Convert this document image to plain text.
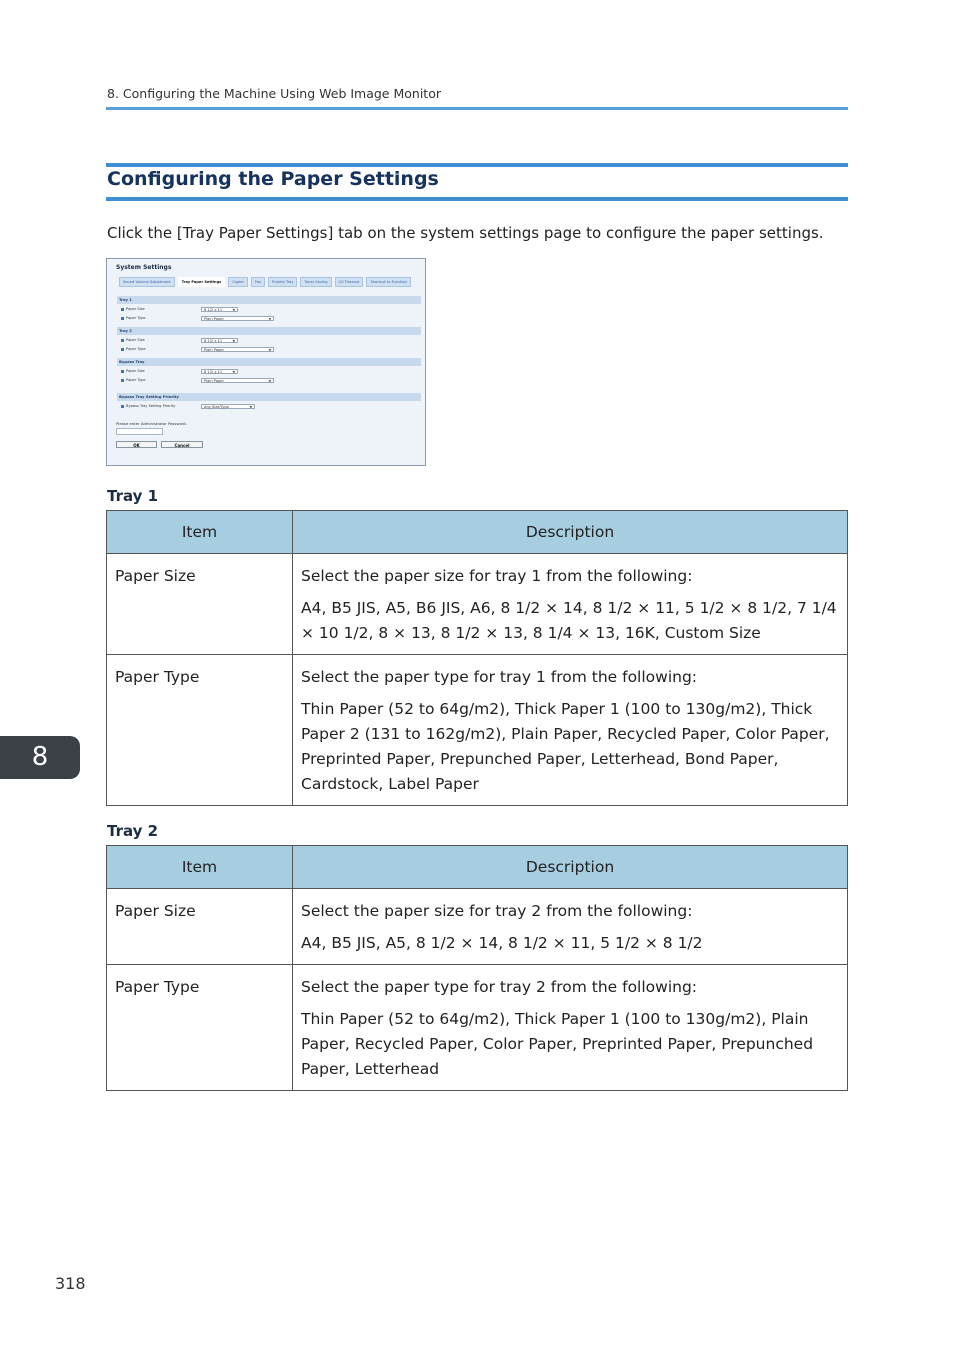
8. Configuring the Machine Using Web Image Monitor
Configuring the Paper Settings
Click the [Tray Paper Settings] tab on the system settings page to configure the paper settings.
System Settings
Sound Volume Adjustment	Tray Paper Settings	Copier	Fax	Priority Tray	Toner Saving	I/O Timeout	Shortcut to Function
Tray 1
Paper Size	8 1/2 x 11	▼
Paper Type	Plain Paper	▼
Tray 2
Paper Size	8 1/2 x 11	▼
Paper Type	Plain Paper	▼
Bypass Tray
Paper Size	8 1/2 x 11	▼
Paper Type	Plain Paper	▼
Bypass Tray Setting Priority
Bypass Tray Setting Priority	Any Size/Type	▼
Please enter Administrator Password.
OK	Cancel
Tray 1
Item	Description
Paper Size	Select the paper size for tray 1 from the following:

A4, B5 JIS, A5, B6 JIS, A6, 8 1/2 × 14, 8 1/2 × 11, 5 1/2 × 8 1/2, 7 1/4 × 10 1/2, 8 × 13, 8 1/2 × 13, 8 1/4 × 13, 16K, Custom Size

Paper Type	Select the paper type for tray 1 from the following:

Thin Paper (52 to 64g/m2), Thick Paper 1 (100 to 130g/m2), Thick Paper 2 (131 to 162g/m2), Plain Paper, Recycled Paper, Color Paper, Preprinted Paper, Prepunched Paper, Letterhead, Bond Paper, Cardstock, Label Paper

Tray 2
Item	Description
Paper Size	Select the paper size for tray 2 from the following:

A4, B5 JIS, A5, 8 1/2 × 14, 8 1/2 × 11, 5 1/2 × 8 1/2

Paper Type	Select the paper type for tray 2 from the following:

Thin Paper (52 to 64g/m2), Thick Paper 1 (100 to 130g/m2), Plain Paper, Recycled Paper, Color Paper, Preprinted Paper, Prepunched Paper, Letterhead

8
318
